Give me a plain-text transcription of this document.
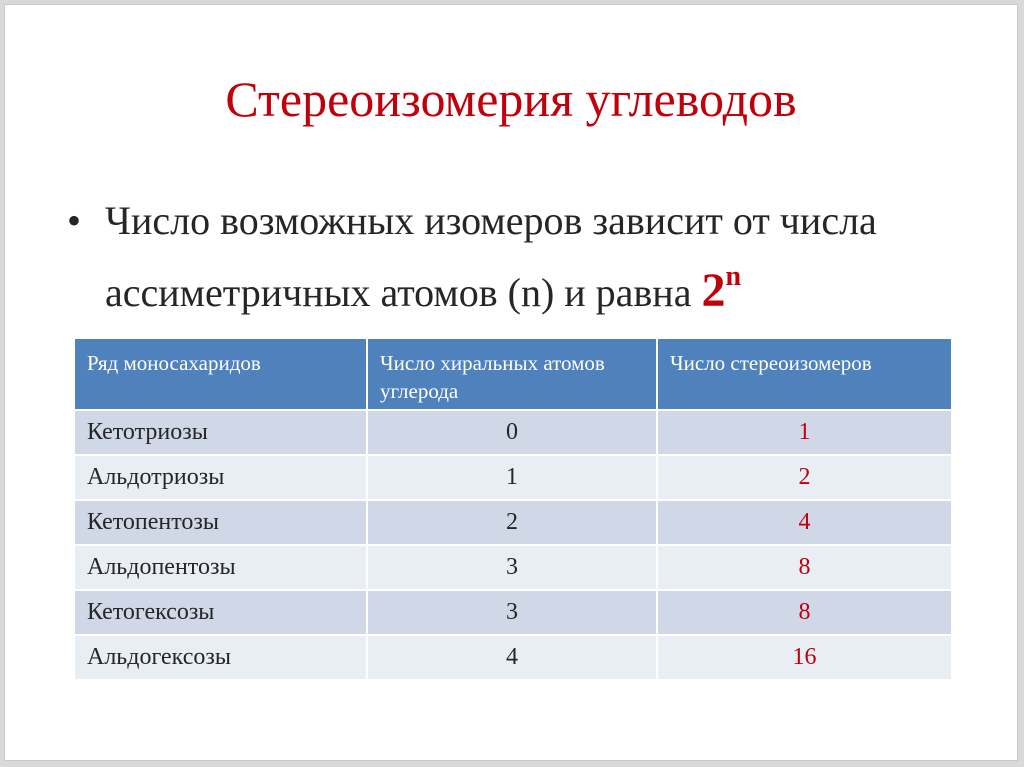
Стереоизомерия углеводов
• Число возможных изомеров зависит от числа ассиметричных атомов (n) и равна 2$^n$
Ряд моносахаридов	Число хиральных атомов углерода	Число стереоизомеров
Кетотриозы	0	1
Альдотриозы	1	2
Кетопентозы	2	4
Альдопентозы	3	8
Кетогексозы	3	8
Альдогексозы	4	16
